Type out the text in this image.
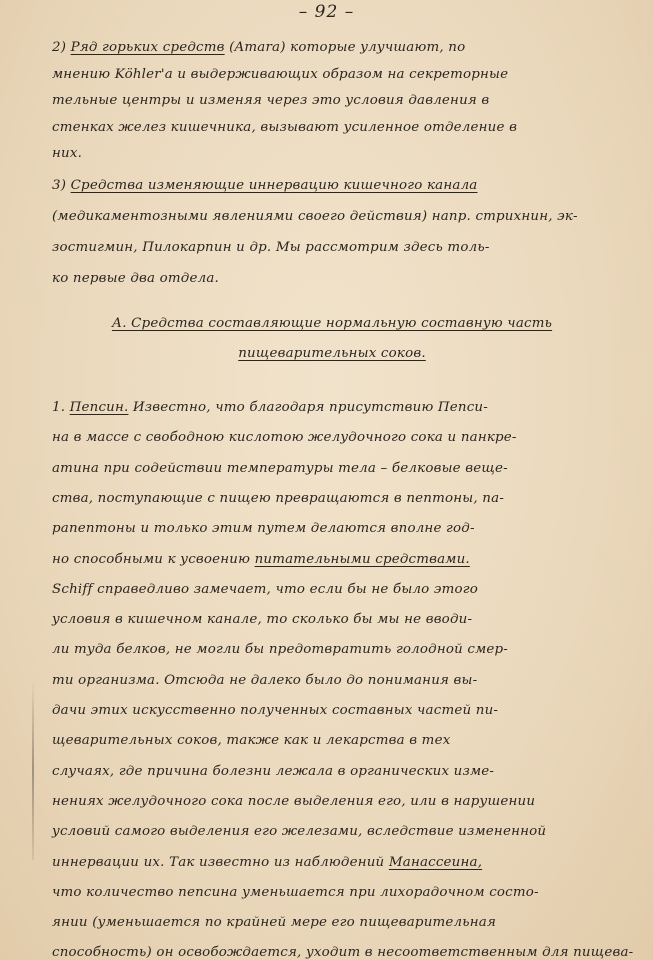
– 92 –
А. Средства составляющие нормальную составную часть
пищеварительных соков.
2) Ряд горьких средств (Amara) которые улучшают, по
мнению Köhler'a и выдерживающих образом на секреторные
тельные центры и изменяя через это условия давления в
стенках желез кишечника, вызывают усиленное отделение в
них.
3) Средства изменяющие иннервацию кишечного канала
(медикаментозными явлениями своего действия) напр. стрихнин, эк-
зостигмин, Пилокарпин и др. Мы рассмотрим здесь толь-
ко первые два отдела.
1. Пепсин. Известно, что благодаря присутствию Пепси-
на в массе с свободною кислотою желудочного сока и панкре-
атина при содействии температуры тела – белковые веще-
ства, поступающие с пищею превращаются в пептоны, па-
рапептоны и только этим путем делаются вполне год-
но способными к усвоению питательными средствами.
Schiff справедливо замечает, что если бы не было этого
условия в кишечном канале, то сколько бы мы не вводи-
ли туда белков, не могли бы предотвратить голодной смер-
ти организма. Отсюда не далеко было до понимания вы-
дачи этих искусственно полученных составных частей пи-
щеварительных соков, также как и лекарства в тех
случаях, где причина болезни лежала в органических изме-
нениях желудочного сока после выделения его, или в нарушении
условий самого выделения его железами, вследствие измененной
иннервации их. Так известно из наблюдений Манассеина,
что количество пепсина уменьшается при лихорадочном состо-
янии (уменьшается по крайней мере его пищеварительная
способность) он освобождается, уходит в несоответственным для пищева-
